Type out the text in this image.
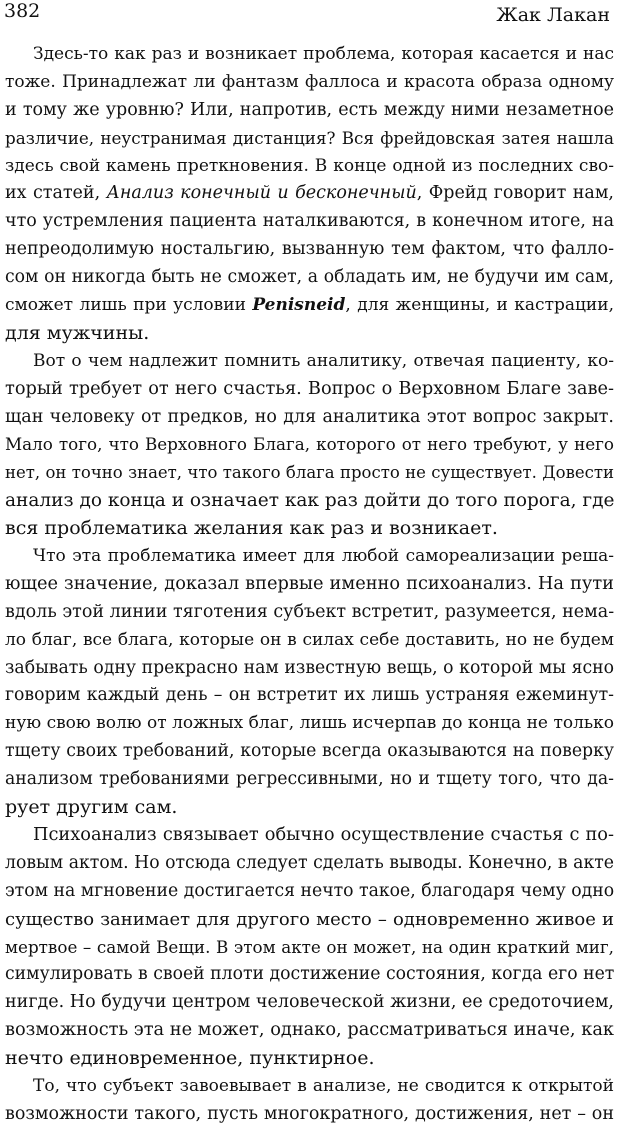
382	Жак Лакан
Здесь-то как раз и возникает проблема, которая касается и нас
тоже. Принадлежат ли фантазм фаллоса и красота образа одному
и тому же уровню? Или, напротив, есть между ними незаметное
различие, неустранимая дистанция? Вся фрейдовская затея нашла
здесь свой камень преткновения. В конце одной из последних сво-
их статей, Анализ конечный и бесконечный, Фрейд говорит нам,
что устремления пациента наталкиваются, в конечном итоге, на
непреодолимую ностальгию, вызванную тем фактом, что фалло-
сом он никогда быть не сможет, а обладать им, не будучи им сам,
сможет лишь при условии Penisneid, для женщины, и кастрации,
для мужчины.
Вот о чем надлежит помнить аналитику, отвечая пациенту, ко-
торый требует от него счастья. Вопрос о Верховном Благе заве-
щан человеку от предков, но для аналитика этот вопрос закрыт.
Мало того, что Верховного Блага, которого от него требуют, у него
нет, он точно знает, что такого блага просто не существует. Довести
анализ до конца и означает как раз дойти до того порога, где
вся проблематика желания как раз и возникает.
Что эта проблематика имеет для любой самореализации реша-
ющее значение, доказал впервые именно психоанализ. На пути
вдоль этой линии тяготения субъект встретит, разумеется, нема-
ло благ, все блага, которые он в силах себе доставить, но не будем
забывать одну прекрасно нам известную вещь, о которой мы ясно
говорим каждый день – он встретит их лишь устраняя ежеминут-
ную свою волю от ложных благ, лишь исчерпав до конца не только
тщету своих требований, которые всегда оказываются на поверку
анализом требованиями регрессивными, но и тщету того, что да-
рует другим сам.
Психоанализ связывает обычно осуществление счастья с по-
ловым актом. Но отсюда следует сделать выводы. Конечно, в акте
этом на мгновение достигается нечто такое, благодаря чему одно
существо занимает для другого место – одновременно живое и
мертвое – самой Вещи. В этом акте он может, на один краткий миг,
симулировать в своей плоти достижение состояния, когда его нет
нигде. Но будучи центром человеческой жизни, ее средоточием,
возможность эта не может, однако, рассматриваться иначе, как
нечто единовременное, пунктирное.
То, что субъект завоевывает в анализе, не сводится к открытой
возможности такого, пусть многократного, достижения, нет – он
